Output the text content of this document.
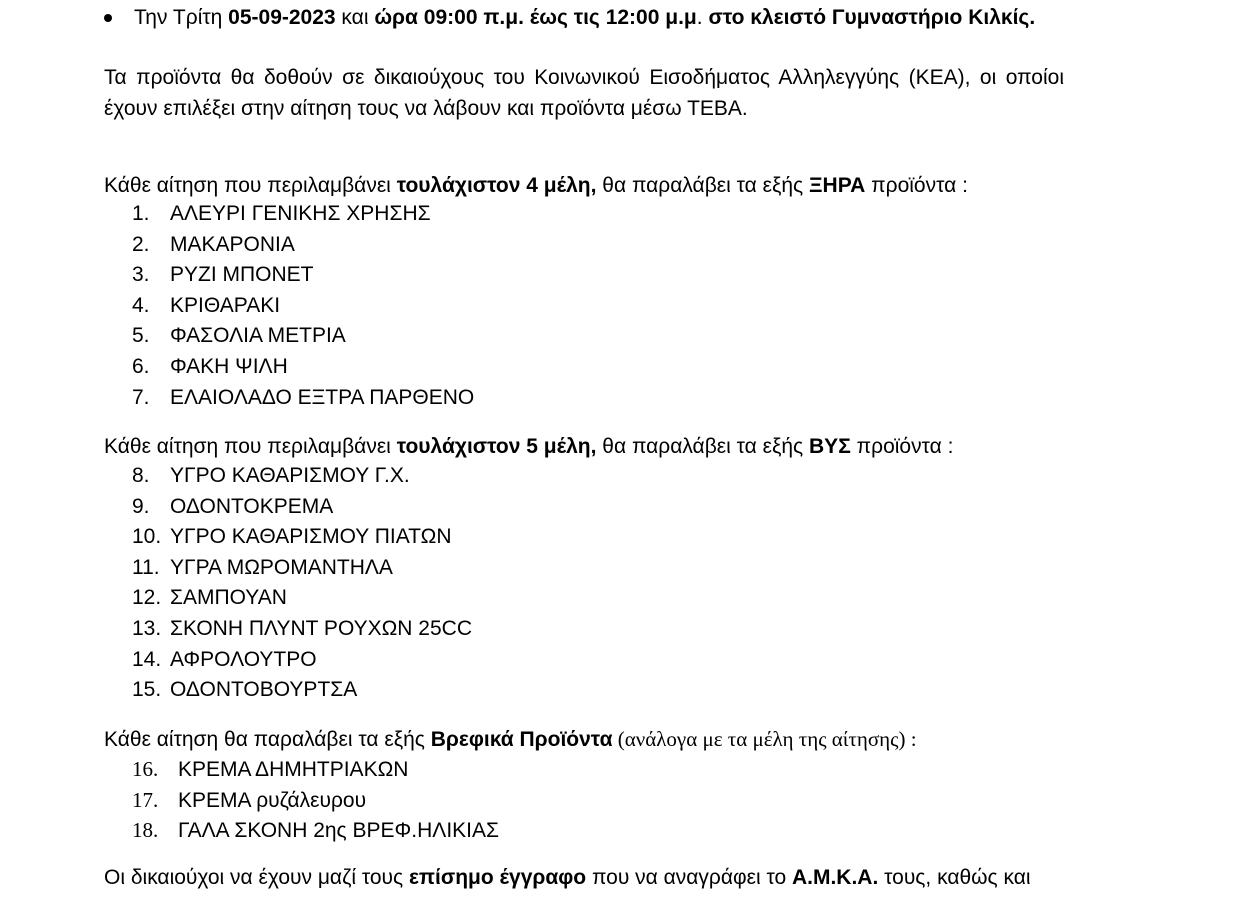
Την Τρίτη 05-09-2023 και ώρα 09:00 π.μ. έως τις 12:00 μ.μ. στο κλειστό Γυμναστήριο Κιλκίς.

Τα προϊόντα θα δοθούν σε δικαιούχους του Κοινωνικού Εισοδήματος Αλληλεγγύης (ΚΕΑ), οι οποίοι έχουν επιλέξει στην αίτηση τους να λάβουν και προϊόντα μέσω ΤΕΒΑ.

Κάθε αίτηση που περιλαμβάνει τουλάχιστον 4 μέλη, θα παραλάβει τα εξής ΞΗΡΑ προϊόντα :

1. ΑΛΕΥΡΙ ΓΕΝΙΚΗΣ ΧΡΗΣΗΣ
2. ΜΑΚΑΡΟΝΙΑ
3. ΡΥΖΙ ΜΠΟΝΕΤ
4. ΚΡΙΘΑΡΑΚΙ
5. ΦΑΣΟΛΙΑ ΜΕΤΡΙΑ
6. ΦΑΚΗ ΨΙΛΗ
7. ΕΛΑΙΟΛΑΔΟ ΕΞΤΡΑ ΠΑΡΘΕΝΟ

Κάθε αίτηση που περιλαμβάνει τουλάχιστον 5 μέλη, θα παραλάβει τα εξής ΒΥΣ προϊόντα :

8. ΥΓΡΟ ΚΑΘΑΡΙΣΜΟΥ Γ.Χ.
9. ΟΔΟΝΤΟΚΡΕΜΑ
10. ΥΓΡΟ ΚΑΘΑΡΙΣΜΟΥ ΠΙΑΤΩΝ
11. ΥΓΡΑ ΜΩΡΟΜΑΝΤΗΛΑ
12. ΣΑΜΠΟΥΑΝ
13. ΣΚΟΝΗ ΠΛΥΝΤ ΡΟΥΧΩΝ 25CC
14. ΑΦΡΟΛΟΥΤΡΟ
15. ΟΔΟΝΤΟΒΟΥΡΤΣΑ

Κάθε αίτηση θα παραλάβει τα εξής Βρεφικά Προϊόντα (ανάλογα με τα μέλη της αίτησης) :

16. ΚΡΕΜΑ ΔΗΜΗΤΡΙΑΚΩΝ
17. ΚΡΕΜΑ ρυζάλευρου
18. ΓΑΛΑ ΣΚΟΝΗ 2ης ΒΡΕΦ.ΗΛΙΚΙΑΣ

Οι δικαιούχοι να έχουν μαζί τους επίσημο έγγραφο που να αναγράφει το Α.Μ.Κ.Α. τους, καθώς και
